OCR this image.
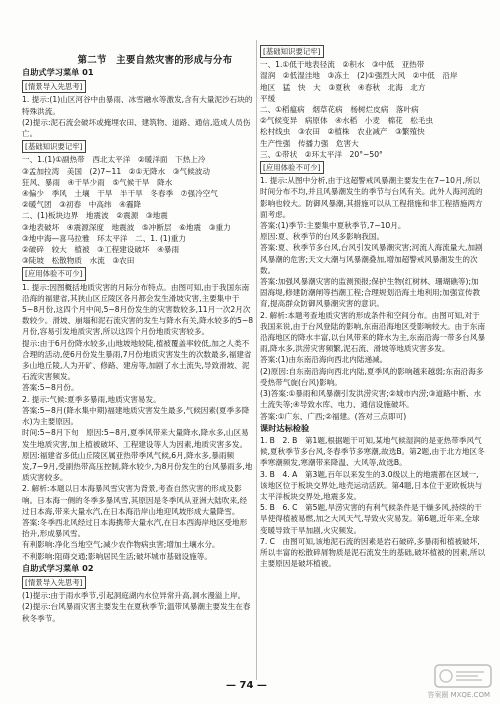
第二节　主要自然灾害的形成与分布

自助式学习菜单 01

[情景导入先思考]

1. 提示:(1)山区河谷中由暴雨、冰雪融水等激发,含有大量泥沙石块的特殊洪流。

(2)提示:泥石流会破坏或掩埋农田、建筑物、道路、通信,造成人员伤亡。

[基础知识要记牢]

一、1.(1)①副热带　西北太平洋　②暖洋面　下热上冷

③孟加拉湾　美国　(2)7~11　②①无降水　③气候波动

狂风、暴雨　④干旱少雨　⑤气候干旱　降水

④偏少　季风　土壤　干旱　半干旱　冬春季　⑦强冷空气

②暖气团　③初春　中高纬　④霾降

二、(1)板块边界　地震波　②震源　③地震

③地表破坏　④震源深度　地震波　⑤冲断层　⑥地震　③重力

③地中海—喜马拉雅　环太平洋　二、1. (1)重力

②破碎　较大　植被　③工程建设破坏　④暴雨

③陡坡　松散物质　水流　③农田

[应用体验不可少]

1. 提示:因图概括地质灾害的月际分布特点。由图可知,由于我国东南沿海的福建省,其狭山区丘陵区各月都会发生滑坡灾害,主要集中于5~8月份,这四个月中间,5~8月份发生的灾害数较多,11月一次2月次数较少。滑坡、崩塌和泥石流灾害的发生与降水有关,降水较多的5~8月份,容易引发地质灾害,所以这四个月份地质灾害较多。

提示:由于6月份降水较多,山地坡地较陡,植被覆盖率较低,加之人类不合理的活动,使6月份发生暴雨,7月份地质灾害发生的次数最多,福建省多山地丘陵,人为开矿、修路、建房等,加剧了水土流失,导致滑坡、泥石流灾害频发。

答案:5~8月份。

2. 提示:气候:夏季多暴雨,地质灾害易发。

答案:5~8月(降水集中期)福建地质灾害发生最多,气候因素(夏季多降水)为主要原因。

时间:5~8月下旬　原因:5~8月,夏季风带来大量降水,降水多,山区易发生地质灾害,加上植被破坏、工程建设等人为因素,地质灾害多发。

原因:福建省多低山丘陵区属亚热带季风气候,6月,降水多,暴雨频发,7~9月,受副热带高压控制,降水较少,为8月份发生的台风暴雨多,地质灾害较多。

2. 解析:本题以日本海暴风雪灾害为背景,考查自然灾害的形成及影响。日本海一侧的冬季多暴风雪,其原因是冬季风从亚洲大陆吹来,经过日本海,带来大量水汽,在日本海沿岸山地迎风坡形成大量降雪。

答案:冬季西北风经过日本海携带大量水汽,在日本西海岸地区受地形抬升,形成暴风雪。

有利影响:净化当地空气;减少农作物病虫害;增加土壤水分。

不利影响:阻碍交通;影响居民生活;破坏城市基础设施等。

自助式学习菜单 02

[情景导入先思考]

(1)提示:由于雨水季节,引起洞庭湖内水位异常升高,洞水漫溢上岸。

(2)提示:台风暴雨灾害主要发生在夏秋季节;温带风暴潮主要发生在春秋冬季节。

[基础知识要记牢]

一、1.①低于地表径流　②积水　③中低　亚热带

湿润　②低湿洼地　③冻土　(2)①强烈大风　②中低　沿岸

地区　猛　快　大　③夏秋　④春秋　北海　北方

平缓

二、①稻瘟病　烟草花病　杨树烂皮病　落叶病

②气候变异　病原体　④水稻　小麦　棉花　松毛虫

松村线虫　③农田　②植株　农业减产　③繁殖快

生产性强　传播力强　危害大

三、①带状　②环太平洋　20°~50°

[应用体验不可少]

1. 提示:从图中分析,由于这超警戒风暴潮主要发生在7~10月,所以时间分布不均,并且风暴潮发生的季节与台风有关。此外人海河流的影响也较大。防御风暴潮,其措施可以从工程措施和非工程措施两方面考虑。

答案:(1)季节:主要集中夏秋季节,7~10月。

原因:夏、秋季节的台风多影响我国。

答案:夏、秋季节多台风,台风引发风暴潮灾害;河流人海流量大,加剧风暴潮的危害;天文大潮与风暴潮叠加,增加超警戒风暴潮发生的次数。

答案:加强风暴潮灾害的监测预报;保护生物(红树林、珊瑚礁等);加固海堤,修建防潮闸等挡潮工程;合理规划沿海土地利用;加强宣传教育,提高群众防御风暴潮灾害的意识。

2. 解析:本题考查地质灾害的形成条件和空间分布。由图可知,对于我国来说,由于台风登陆的影响,东南沿海地区受影响较大。由于东南沿海地区的降水丰富,以台风带来的降水为主,东南沿海一带多台风暴雨,降水多,洪涝灾害频繁,泥石流、滑坡等地质灾害多发。

答案:(1)由东南沿海向西北内陆递减。

(2)原因:自东南沿海向西北内陆,夏季风的影响越来越弱;东南沿海多受热带气旋(台风)影响。

(3)答案:①暴雨和风暴潮引发洪涝灾害;②城市内涝;③道路中断、水土流失等;④导致水库、电力、通信设施破坏。

答案:①广东、广西;②福建。(答对三点即可)

课时达标检验

1. B　2. B　第1题,根据题干可知,某地气候湿润的是亚热带季风气候,夏秋季节多台风,冬春季节多寒潮,故选B。第2题,由于北方地区冬季寒潮频发,寒潮带来降温、大风等,故选B。

3. B　4. A　第3题,百年以来发生的3.0级以上的地震都在区域一,该地区位于板块交界处,地壳运动活跃。第4题,日本位于亚欧板块与太平洋板块交界处,地震多发。

5. B　6. C　第5题,旱涝灾害的有利气候条件是干燥多风,持续的干旱使得植被易燃,加之大风天气,导致火灾易发。第6题,近年来,全球变暖导致干旱加剧,火灾频发。

7. C　由图可知,该地泥石流的因素是岩石破碎,多暴雨和植被破坏,所以丰富的松散碎屑物质是泥石流发生的基础,破坏植被的因素,所以主要原因是破坏植被。

— 74 —
答案圈 MXQE.COM
